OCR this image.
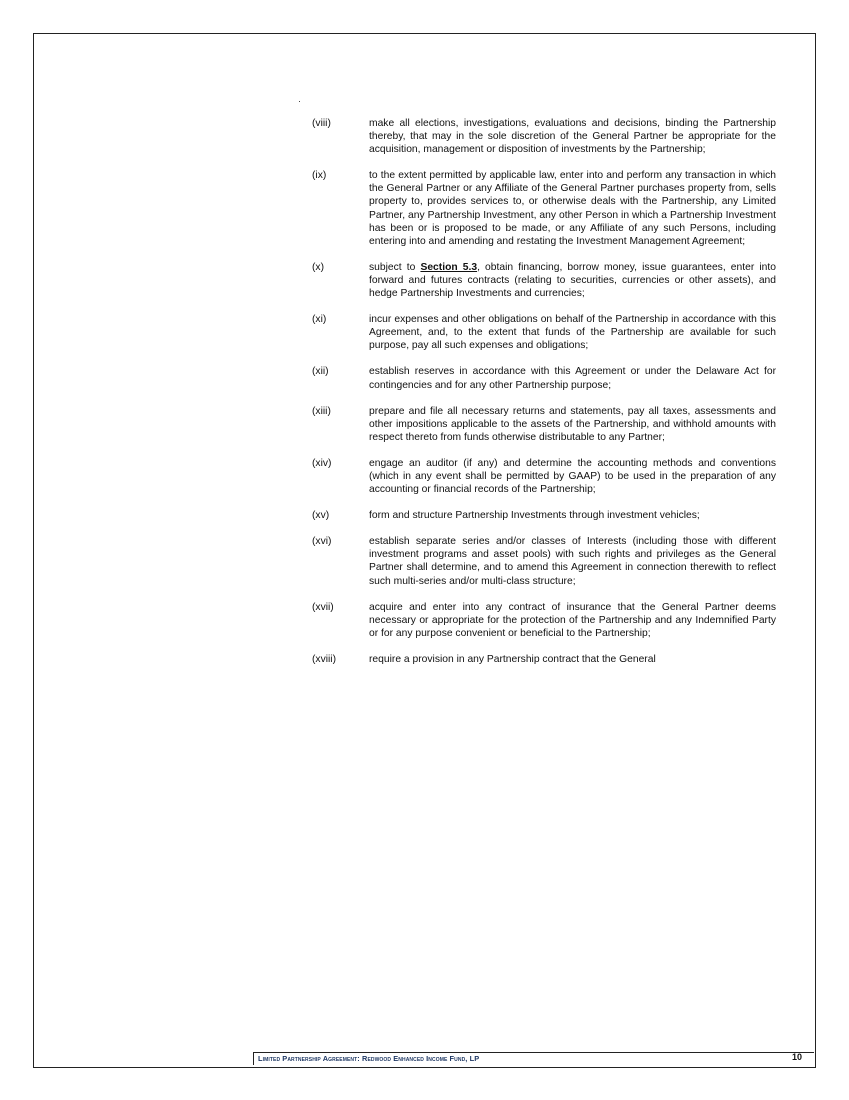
(viii)	make all elections, investigations, evaluations and decisions, binding the Partnership thereby, that may in the sole discretion of the General Partner be appropriate for the acquisition, management or disposition of investments by the Partnership;
(ix)	to the extent permitted by applicable law, enter into and perform any transaction in which the General Partner or any Affiliate of the General Partner purchases property from, sells property to, provides services to, or otherwise deals with the Partnership, any Limited Partner, any Partnership Investment, any other Person in which a Partnership Investment has been or is proposed to be made, or any Affiliate of any such Persons, including entering into and amending and restating the Investment Management Agreement;
(x)	subject to Section 5.3, obtain financing, borrow money, issue guarantees, enter into forward and futures contracts (relating to securities, currencies or other assets), and hedge Partnership Investments and currencies;
(xi)	incur expenses and other obligations on behalf of the Partnership in accordance with this Agreement, and, to the extent that funds of the Partnership are available for such purpose, pay all such expenses and obligations;
(xii)	establish reserves in accordance with this Agreement or under the Delaware Act for contingencies and for any other Partnership purpose;
(xiii)	prepare and file all necessary returns and statements, pay all taxes, assessments and other impositions applicable to the assets of the Partnership, and withhold amounts with respect thereto from funds otherwise distributable to any Partner;
(xiv)	engage an auditor (if any) and determine the accounting methods and conventions (which in any event shall be permitted by GAAP) to be used in the preparation of any accounting or financial records of the Partnership;
(xv)	form and structure Partnership Investments through investment vehicles;
(xvi)	establish separate series and/or classes of Interests (including those with different investment programs and asset pools) with such rights and privileges as the General Partner shall determine, and to amend this Agreement in connection therewith to reflect such multi-series and/or multi-class structure;
(xvii)	acquire and enter into any contract of insurance that the General Partner deems necessary or appropriate for the protection of the Partnership and any Indemnified Party or for any purpose convenient or beneficial to the Partnership;
(xviii)	require a provision in any Partnership contract that the General
Limited Partnership Agreement: Redwood Enhanced Income Fund, LP	10
